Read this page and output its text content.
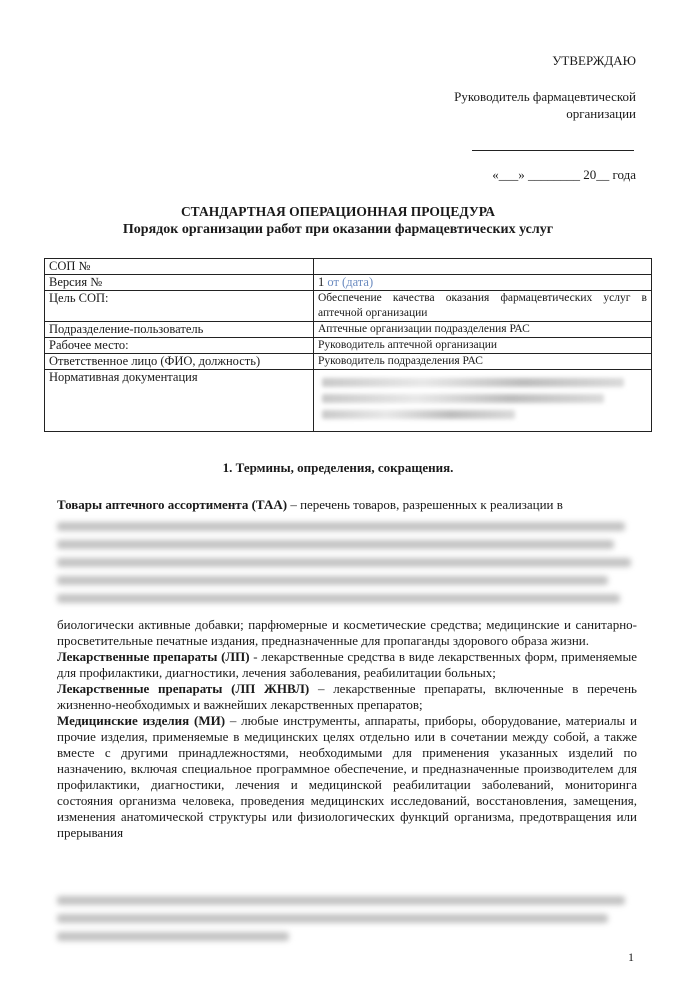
УТВЕРЖДАЮ
Руководитель фармацевтической организации
«___» ________ 20__ года
СТАНДАРТНАЯ ОПЕРАЦИОННАЯ ПРОЦЕДУРА
Порядок организации работ при оказании фармацевтических услуг
СОП №	
Версия №	1 от (дата)
Цель СОП:	Обеспечение качества оказания фармацевтических услуг в аптечной организации
Подразделение-пользователь	Аптечные организации подразделения РАС
Рабочее место:	Руководитель аптечной организации
Ответственное лицо (ФИО, должность)	Руководитель подразделения РАС
Нормативная документация	
1. Термины, определения, сокращения.
Товары аптечного ассортимента (ТАА) – перечень товаров, разрешенных к реализации в

биологически активные добавки; парфюмерные и косметические средства; медицинские и санитарно-просветительные печатные издания, предназначенные для пропаганды здорового образа жизни.

Лекарственные препараты (ЛП) - лекарственные средства в виде лекарственных форм, применяемые для профилактики, диагностики, лечения заболевания, реабилитации больных;

Лекарственные препараты (ЛП ЖНВЛ) – лекарственные препараты, включенные в перечень жизненно-необходимых и важнейших лекарственных препаратов;

Медицинские изделия (МИ) – любые инструменты, аппараты, приборы, оборудование, материалы и прочие изделия, применяемые в медицинских целях отдельно или в сочетании между собой, а также вместе с другими принадлежностями, необходимыми для применения указанных изделий по назначению, включая специальное программное обеспечение, и предназначенные производителем для профилактики, диагностики, лечения и медицинской реабилитации заболеваний, мониторинга состояния организма человека, проведения медицинских исследований, восстановления, замещения, изменения анатомической структуры или физиологических функций организма, предотвращения или прерывания

1
